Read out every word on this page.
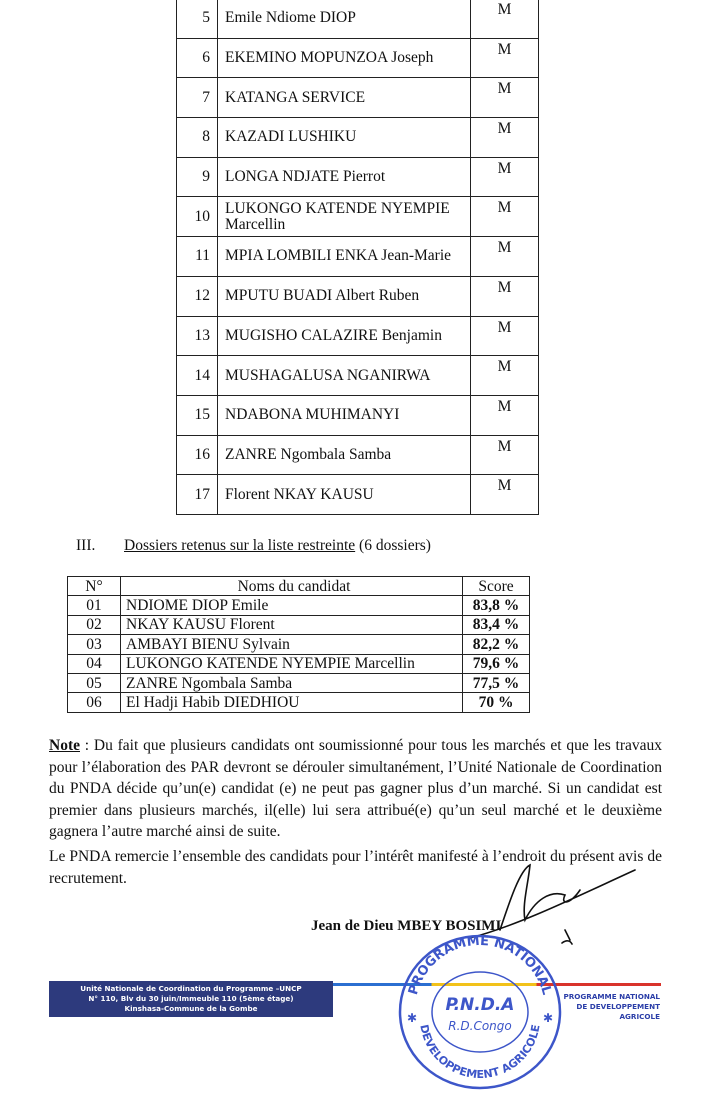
5	Emile Ndiome DIOP	M
6	EKEMINO MOPUNZOA Joseph	M
7	KATANGA SERVICE	M
8	KAZADI LUSHIKU	M
9	LONGA NDJATE Pierrot	M
10	LUKONGO KATENDE NYEMPIE Marcellin	M
11	MPIA LOMBILI ENKA Jean-Marie	M
12	MPUTU BUADI Albert Ruben	M
13	MUGISHO CALAZIRE Benjamin	M
14	MUSHAGALUSA NGANIRWA	M
15	NDABONA MUHIMANYI	M
16	ZANRE Ngombala Samba	M
17	Florent NKAY KAUSU	M
III. Dossiers retenus sur la liste restreinte (6 dossiers)
N°	Noms du candidat	Score
01	NDIOME DIOP Emile	83,8 %
02	NKAY KAUSU Florent	83,4 %
03	AMBAYI BIENU Sylvain	82,2 %
04	LUKONGO KATENDE NYEMPIE Marcellin	79,6 %
05	ZANRE Ngombala Samba	77,5 %
06	El Hadji Habib DIEDHIOU	70 %
Note : Du fait que plusieurs candidats ont soumissionné pour tous les marchés et que les travaux pour l’élaboration des PAR devront se dérouler simultanément, l’Unité Nationale de Coordination du PNDA décide qu’un(e) candidat (e) ne peut pas gagner plus d’un marché. Si un candidat est premier dans plusieurs marchés, il(elle) lui sera attribué(e) qu’un seul marché et le deuxième gagnera l’autre marché ainsi de suite.
Le PNDA remercie l’ensemble des candidats pour l’intérêt manifesté à l’endroit du présent avis de recrutement.
Jean de Dieu MBEY BOSIMI
Unité Nationale de Coordination du Programme –UNCP
N° 110, Blv du 30 juin/Immeuble 110 (5ème étage)
Kinshasa-Commune de la Gombe
PROGRAMME NATIONAL
DE DEVELOPPEMENT
AGRICOLE
PROGRAMME NATIONAL
DEVELOPPEMENT AGRICOLE
P.N.D.A
R.D.Congo
✱	✱
